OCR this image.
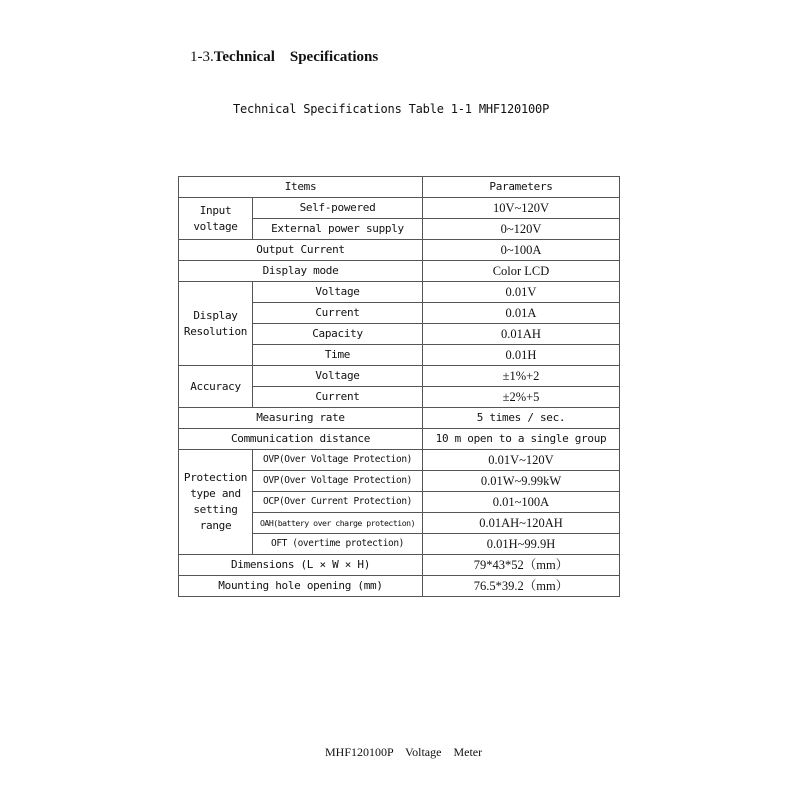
1-3.Technical    Specifications
Technical Specifications Table 1-1 MHF120100P
Items		Parameters
Input voltage	Self-powered	10V~120V
	External power supply	0~120V
Output Current		0~100A
Display mode		Color LCD
Display Resolution	Voltage	0.01V
	Current	0.01A
	Capacity	0.01AH
	Time	0.01H
Accuracy	Voltage	±1%+2
	Current	±2%+5
Measuring rate		5 times / sec.
Communication distance		10 m open to a single group
Protection type and setting range	OVP(Over Voltage Protection)	0.01V~120V
	OVP(Over Voltage Protection)	0.01W~9.99kW
	OCP(Over Current Protection)	0.01~100A
	OAH(battery over charge protection)	0.01AH~120AH
	OFT (overtime protection)	0.01H~99.9H
Dimensions (L × W × H)		79*43*52（mm）
Mounting hole opening (mm)		76.5*39.2（mm）
MHF120100P    Voltage    Meter
